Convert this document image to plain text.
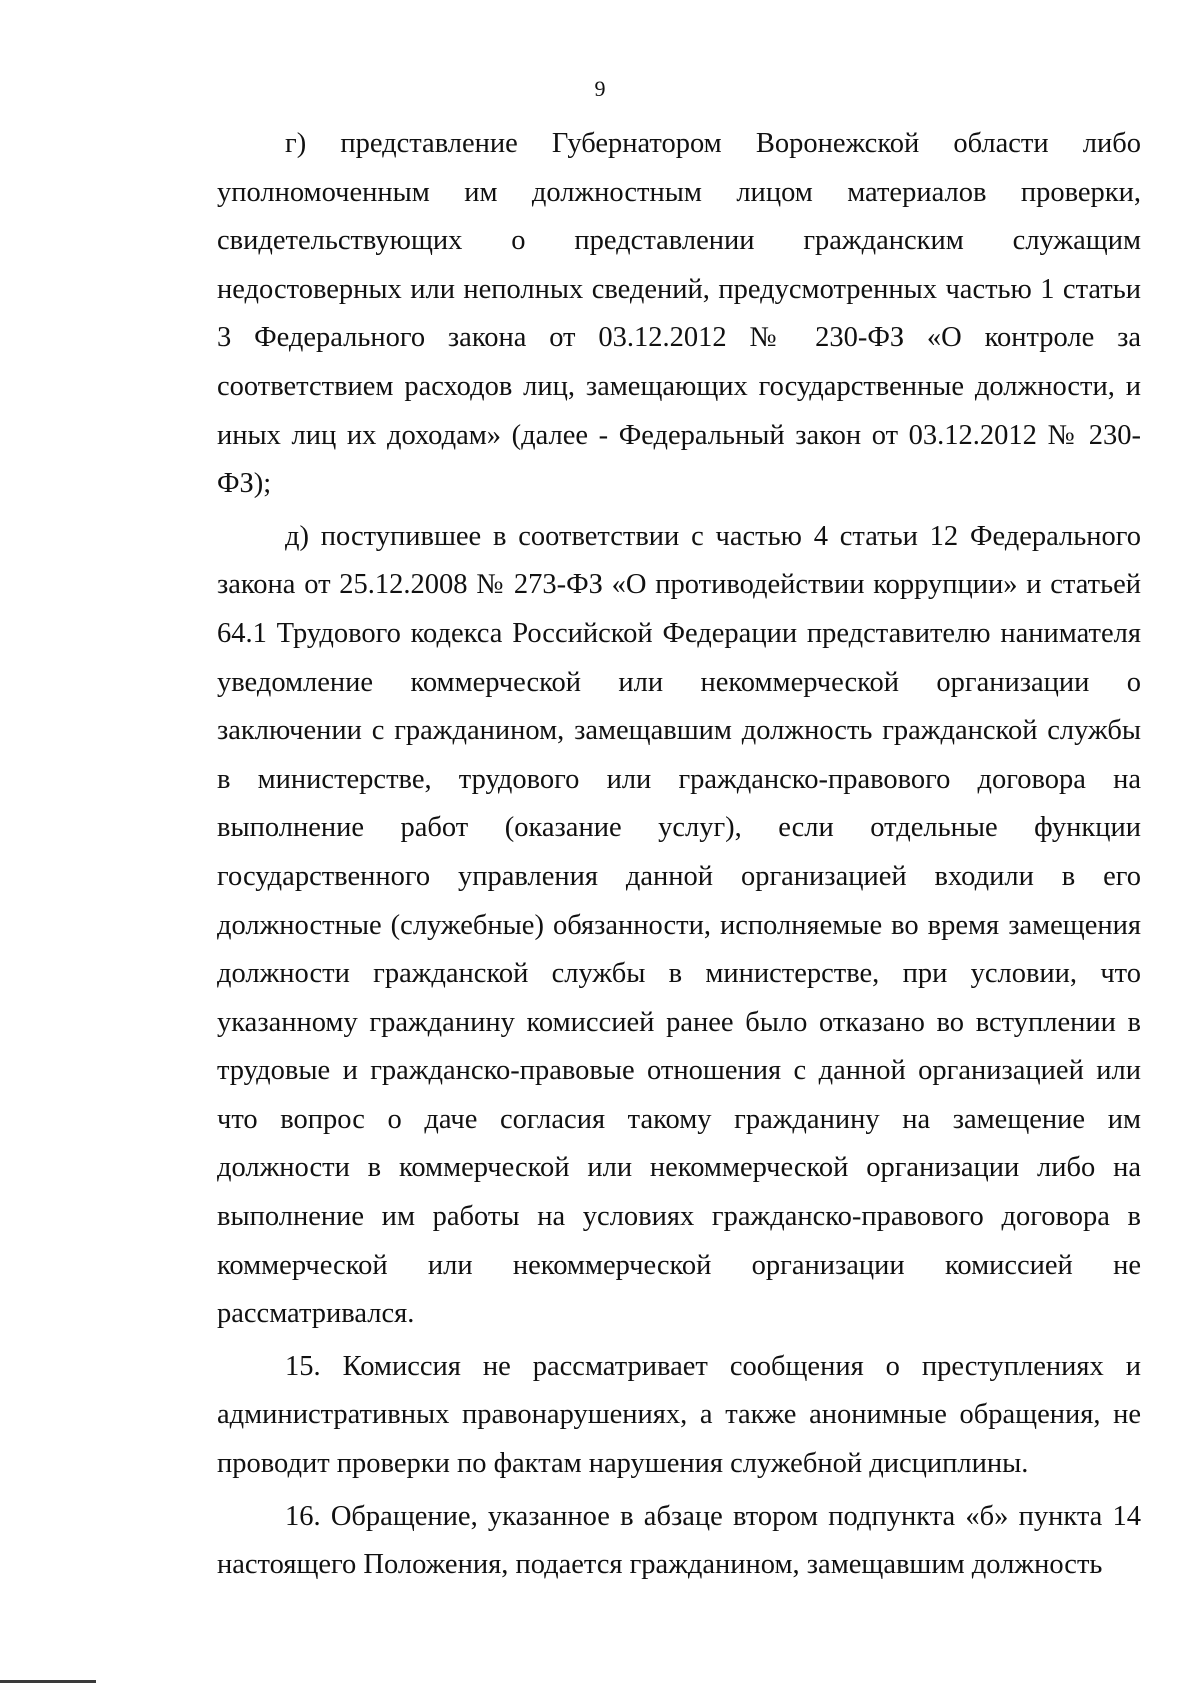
9

г) представление Губернатором Воронежской области либо уполномоченным им должностным лицом материалов проверки, свидетельствующих о представлении гражданским служащим недостоверных или неполных сведений, предусмотренных частью 1 статьи 3 Федерального закона от 03.12.2012 № 230-ФЗ «О контроле за соответствием расходов лиц, замещающих государственные должности, и иных лиц их доходам» (далее - Федеральный закон от 03.12.2012 № 230-ФЗ);

д) поступившее в соответствии с частью 4 статьи 12 Федерального закона от 25.12.2008 № 273-ФЗ «О противодействии коррупции» и статьей 64.1 Трудового кодекса Российской Федерации представителю нанимателя уведомление коммерческой или некоммерческой организации о заключении с гражданином, замещавшим должность гражданской службы в министерстве, трудового или гражданско-правового договора на выполнение работ (оказание услуг), если отдельные функции государственного управления данной организацией входили в его должностные (служебные) обязанности, исполняемые во время замещения должности гражданской службы в министерстве, при условии, что указанному гражданину комиссией ранее было отказано во вступлении в трудовые и гражданско-правовые отношения с данной организацией или что вопрос о даче согласия такому гражданину на замещение им должности в коммерческой или некоммерческой организации либо на выполнение им работы на условиях гражданско-правового договора в коммерческой или некоммерческой организации комиссией не рассматривался.

15. Комиссия не рассматривает сообщения о преступлениях и административных правонарушениях, а также анонимные обращения, не проводит проверки по фактам нарушения служебной дисциплины.

16. Обращение, указанное в абзаце втором подпункта «б» пункта 14 настоящего Положения, подается гражданином, замещавшим должность
